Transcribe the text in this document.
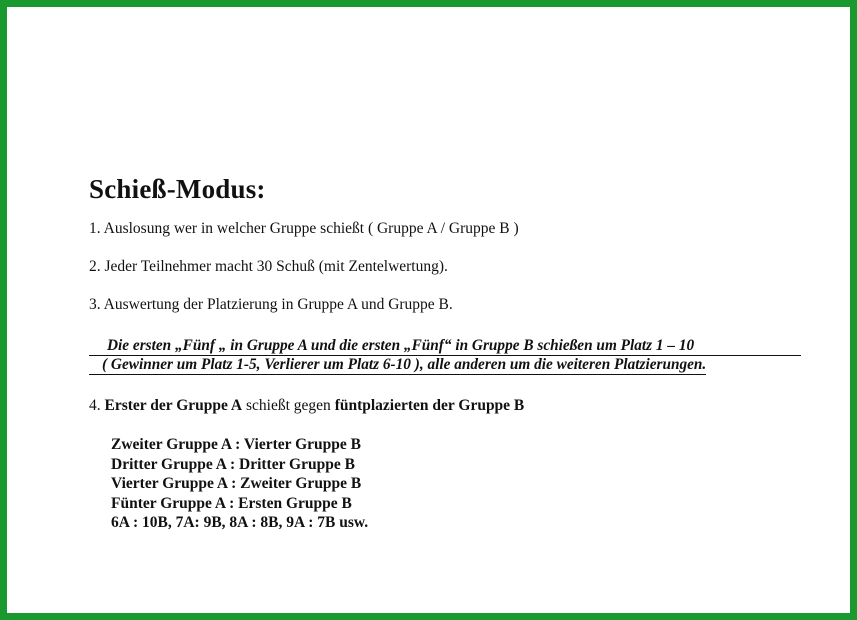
Schieß-Modus:

1. Auslosung wer in welcher Gruppe schießt ( Gruppe A / Gruppe B )

2. Jeder Teilnehmer macht 30 Schuß (mit Zentelwertung).

3. Auswertung der Platzierung in Gruppe A und Gruppe B.

Die ersten „Fünf „ in Gruppe A und die ersten „Fünf“ in Gruppe B schießen um Platz 1 – 10
( Gewinner um Platz 1-5, Verlierer um Platz 6-10 ), alle anderen um die weiteren Platzierungen.

4. Erster der Gruppe A schießt gegen füntplazierten der Gruppe B

Zweiter Gruppe A : Vierter Gruppe B

Dritter Gruppe A : Dritter Gruppe B

Vierter Gruppe A : Zweiter Gruppe B

Fünter Gruppe A : Ersten Gruppe B

6A : 10B, 7A: 9B, 8A : 8B, 9A : 7B usw.
